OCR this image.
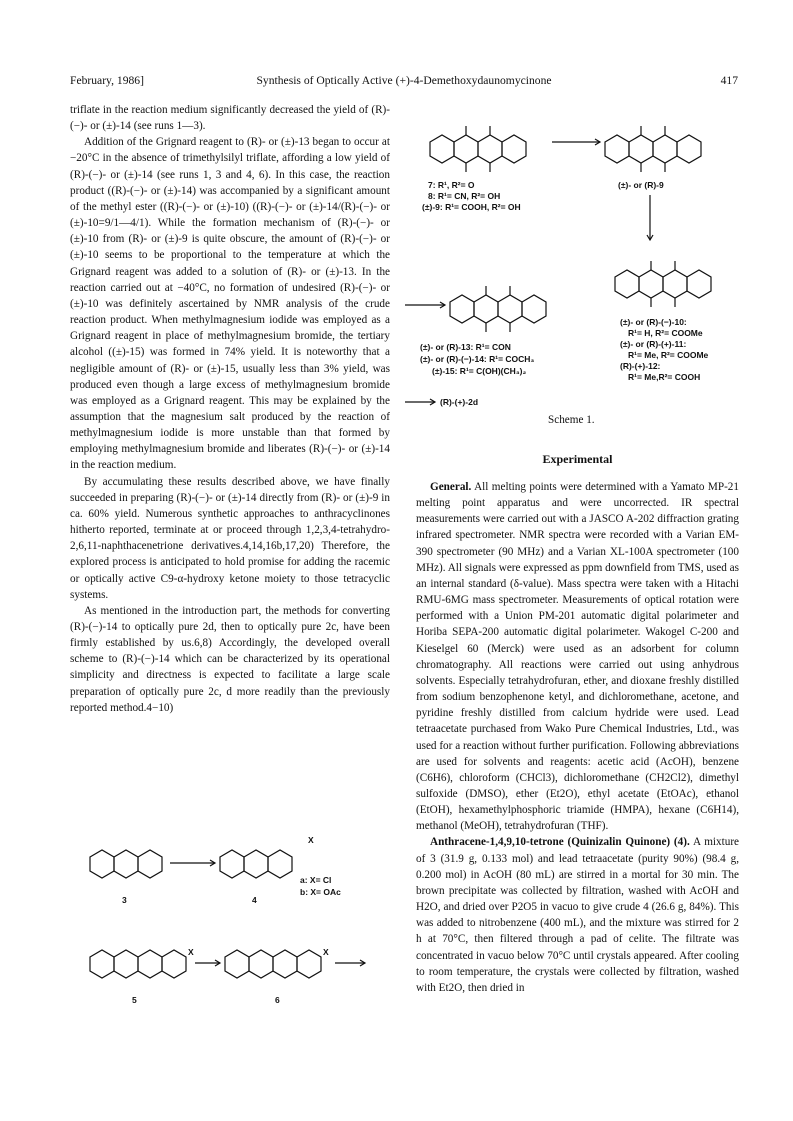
February, 1986]	Synthesis of Optically Active (+)-4-Demethoxydaunomycinone	417

triflate in the reaction medium significantly decreased the yield of (R)-(−)- or (±)-14 (see runs 1—3).

Addition of the Grignard reagent to (R)- or (±)-13 began to occur at −20°C in the absence of trimethylsilyl triflate, affording a low yield of (R)-(−)- or (±)-14 (see runs 1, 3 and 4, 6). In this case, the reaction product ((R)-(−)- or (±)-14) was accompanied by a significant amount of the methyl ester ((R)-(−)- or (±)-10) ((R)-(−)- or (±)-14/(R)-(−)- or (±)-10=9/1—4/1). While the formation mechanism of (R)-(−)- or (±)-10 from (R)- or (±)-9 is quite obscure, the amount of (R)-(−)- or (±)-10 seems to be proportional to the temperature at which the Grignard reagent was added to a solution of (R)- or (±)-13. In the reaction carried out at −40°C, no formation of undesired (R)-(−)- or (±)-10 was definitely ascertained by NMR analysis of the crude reaction product. When methylmagnesium iodide was employed as a Grignard reagent in place of methylmagnesium bromide, the tertiary alcohol ((±)-15) was formed in 74% yield. It is noteworthy that a negligible amount of (R)- or (±)-15, usually less than 3% yield, was produced even though a large excess of methylmagnesium bromide was employed as a Grignard reagent. This may be explained by the assumption that the magnesium salt produced by the reaction of methylmagnesium iodide is more unstable than that formed by employing methylmagnesium bromide and liberates (R)-(−)- or (±)-14 in the reaction medium.

By accumulating these results described above, we have finally succeeded in preparing (R)-(−)- or (±)-14 directly from (R)- or (±)-9 in ca. 60% yield. Numerous synthetic approaches to anthracyclinones hitherto reported, terminate at or proceed through 1,2,3,4-tetrahydro-2,6,11-naphthacenetrione derivatives.4,14,16b,17,20) Therefore, the explored process is anticipated to hold promise for adding the racemic or optically active C9-α-hydroxy ketone moiety to those tetracyclic systems.

As mentioned in the introduction part, the methods for converting (R)-(−)-14 to optically pure 2d, then to optically pure 2c, have been firmly established by us.6,8) Accordingly, the developed overall scheme to (R)-(−)-14 which can be characterized by its operational simplicity and directness is expected to facilitate a large scale preparation of optically pure 2c, d more readily than the previously reported method.4−10)

7: R¹, R²= O
8: R¹= CN, R²= OH
(±)-9: R¹= COOH, R²= OH
(±)- or (R)-9
(±)- or (R)-13: R¹= CON
(±)- or (R)-(−)-14: R¹= COCH₃
(±)-15: R¹= C(OH)(CH₃)₂
(±)- or (R)-(−)-10:
R¹= H, R²= COOMe
(±)- or (R)-(+)-11:
R¹= Me, R²= COOMe
(R)-(+)-12:
R¹= Me,R²= COOH
(R)-(+)-2d
Scheme 1.
Experimental

General. All melting points were determined with a Yamato MP-21 melting point apparatus and were uncorrected. IR spectral measurements were carried out with a JASCO A-202 diffraction grating infrared spectrometer. NMR spectra were recorded with a Varian EM-390 spectrometer (90 MHz) and a Varian XL-100A spectrometer (100 MHz). All signals were expressed as ppm downfield from TMS, used as an internal standard (δ-value). Mass spectra were taken with a Hitachi RMU-6MG mass spectrometer. Measurements of optical rotation were performed with a Union PM-201 automatic digital polarimeter and Horiba SEPA-200 automatic digital polarimeter. Wakogel C-200 and Kieselgel 60 (Merck) were used as an adsorbent for column chromatography. All reactions were carried out using anhydrous solvents. Especially tetrahydrofuran, ether, and dioxane freshly distilled from sodium benzophenone ketyl, and dichloromethane, acetone, and pyridine freshly distilled from calcium hydride were used. Lead tetraacetate purchased from Wako Pure Chemical Industries, Ltd., was used for a reaction without further purification. Following abbreviations are used for solvents and reagents: acetic acid (AcOH), benzene (C6H6), chloroform (CHCl3), dichloromethane (CH2Cl2), dimethyl sulfoxide (DMSO), ether (Et2O), ethyl acetate (EtOAc), ethanol (EtOH), hexamethylphosphoric triamide (HMPA), hexane (C6H14), methanol (MeOH), tetrahydrofuran (THF).

Anthracene-1,4,9,10-tetrone (Quinizalin Quinone) (4). A mixture of 3 (31.9 g, 0.133 mol) and lead tetraacetate (purity 90%) (98.4 g, 0.200 mol) in AcOH (80 mL) are stirred in a mortal for 30 min. The brown precipitate was collected by filtration, washed with AcOH and H2O, and dried over P2O5 in vacuo to give crude 4 (26.6 g, 84%). This was added to nitrobenzene (400 mL), and the mixture was stirred for 2 h at 70°C, then filtered through a pad of celite. The filtrate was concentrated in vacuo below 70°C until crystals appeared. After cooling to room temperature, the crystals were collected by filtration, washed with Et2O, then dried in

3	4
X
a: X= Cl
b: X= OAc
5	6
X	X
